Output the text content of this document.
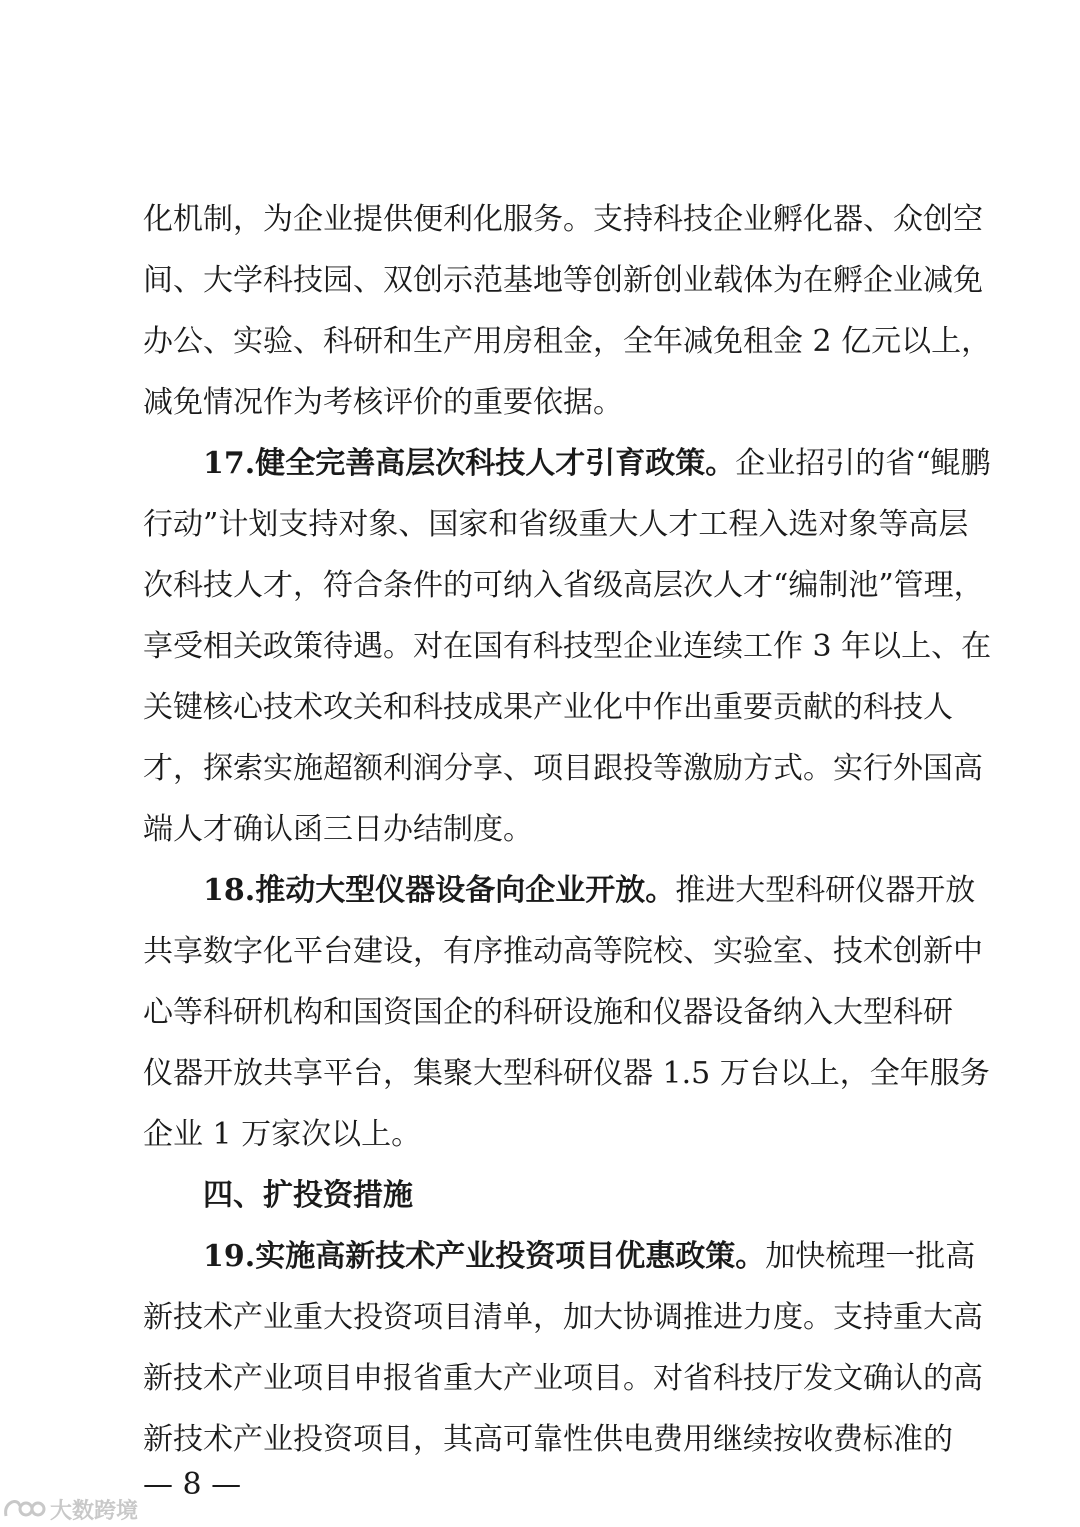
化机制，为企业提供便利化服务。支持科技企业孵化器、众创空
间、大学科技园、双创示范基地等创新创业载体为在孵企业减免
办公、实验、科研和生产用房租金，全年减免租金 2 亿元以上，
减免情况作为考核评价的重要依据。
17.健全完善高层次科技人才引育政策。企业招引的省“鲲鹏
行动”计划支持对象、国家和省级重大人才工程入选对象等高层
次科技人才，符合条件的可纳入省级高层次人才“编制池”管理，
享受相关政策待遇。对在国有科技型企业连续工作 3 年以上、在
关键核心技术攻关和科技成果产业化中作出重要贡献的科技人
才，探索实施超额利润分享、项目跟投等激励方式。实行外国高
端人才确认函三日办结制度。
18.推动大型仪器设备向企业开放。推进大型科研仪器开放
共享数字化平台建设，有序推动高等院校、实验室、技术创新中
心等科研机构和国资国企的科研设施和仪器设备纳入大型科研
仪器开放共享平台，集聚大型科研仪器 1.5 万台以上，全年服务
企业 1 万家次以上。
四、扩投资措施
19.实施高新技术产业投资项目优惠政策。加快梳理一批高
新技术产业重大投资项目清单，加大协调推进力度。支持重大高
新技术产业项目申报省重大产业项目。对省科技厅发文确认的高
新技术产业投资项目，其高可靠性供电费用继续按收费标准的
— 8 —
大数跨境
